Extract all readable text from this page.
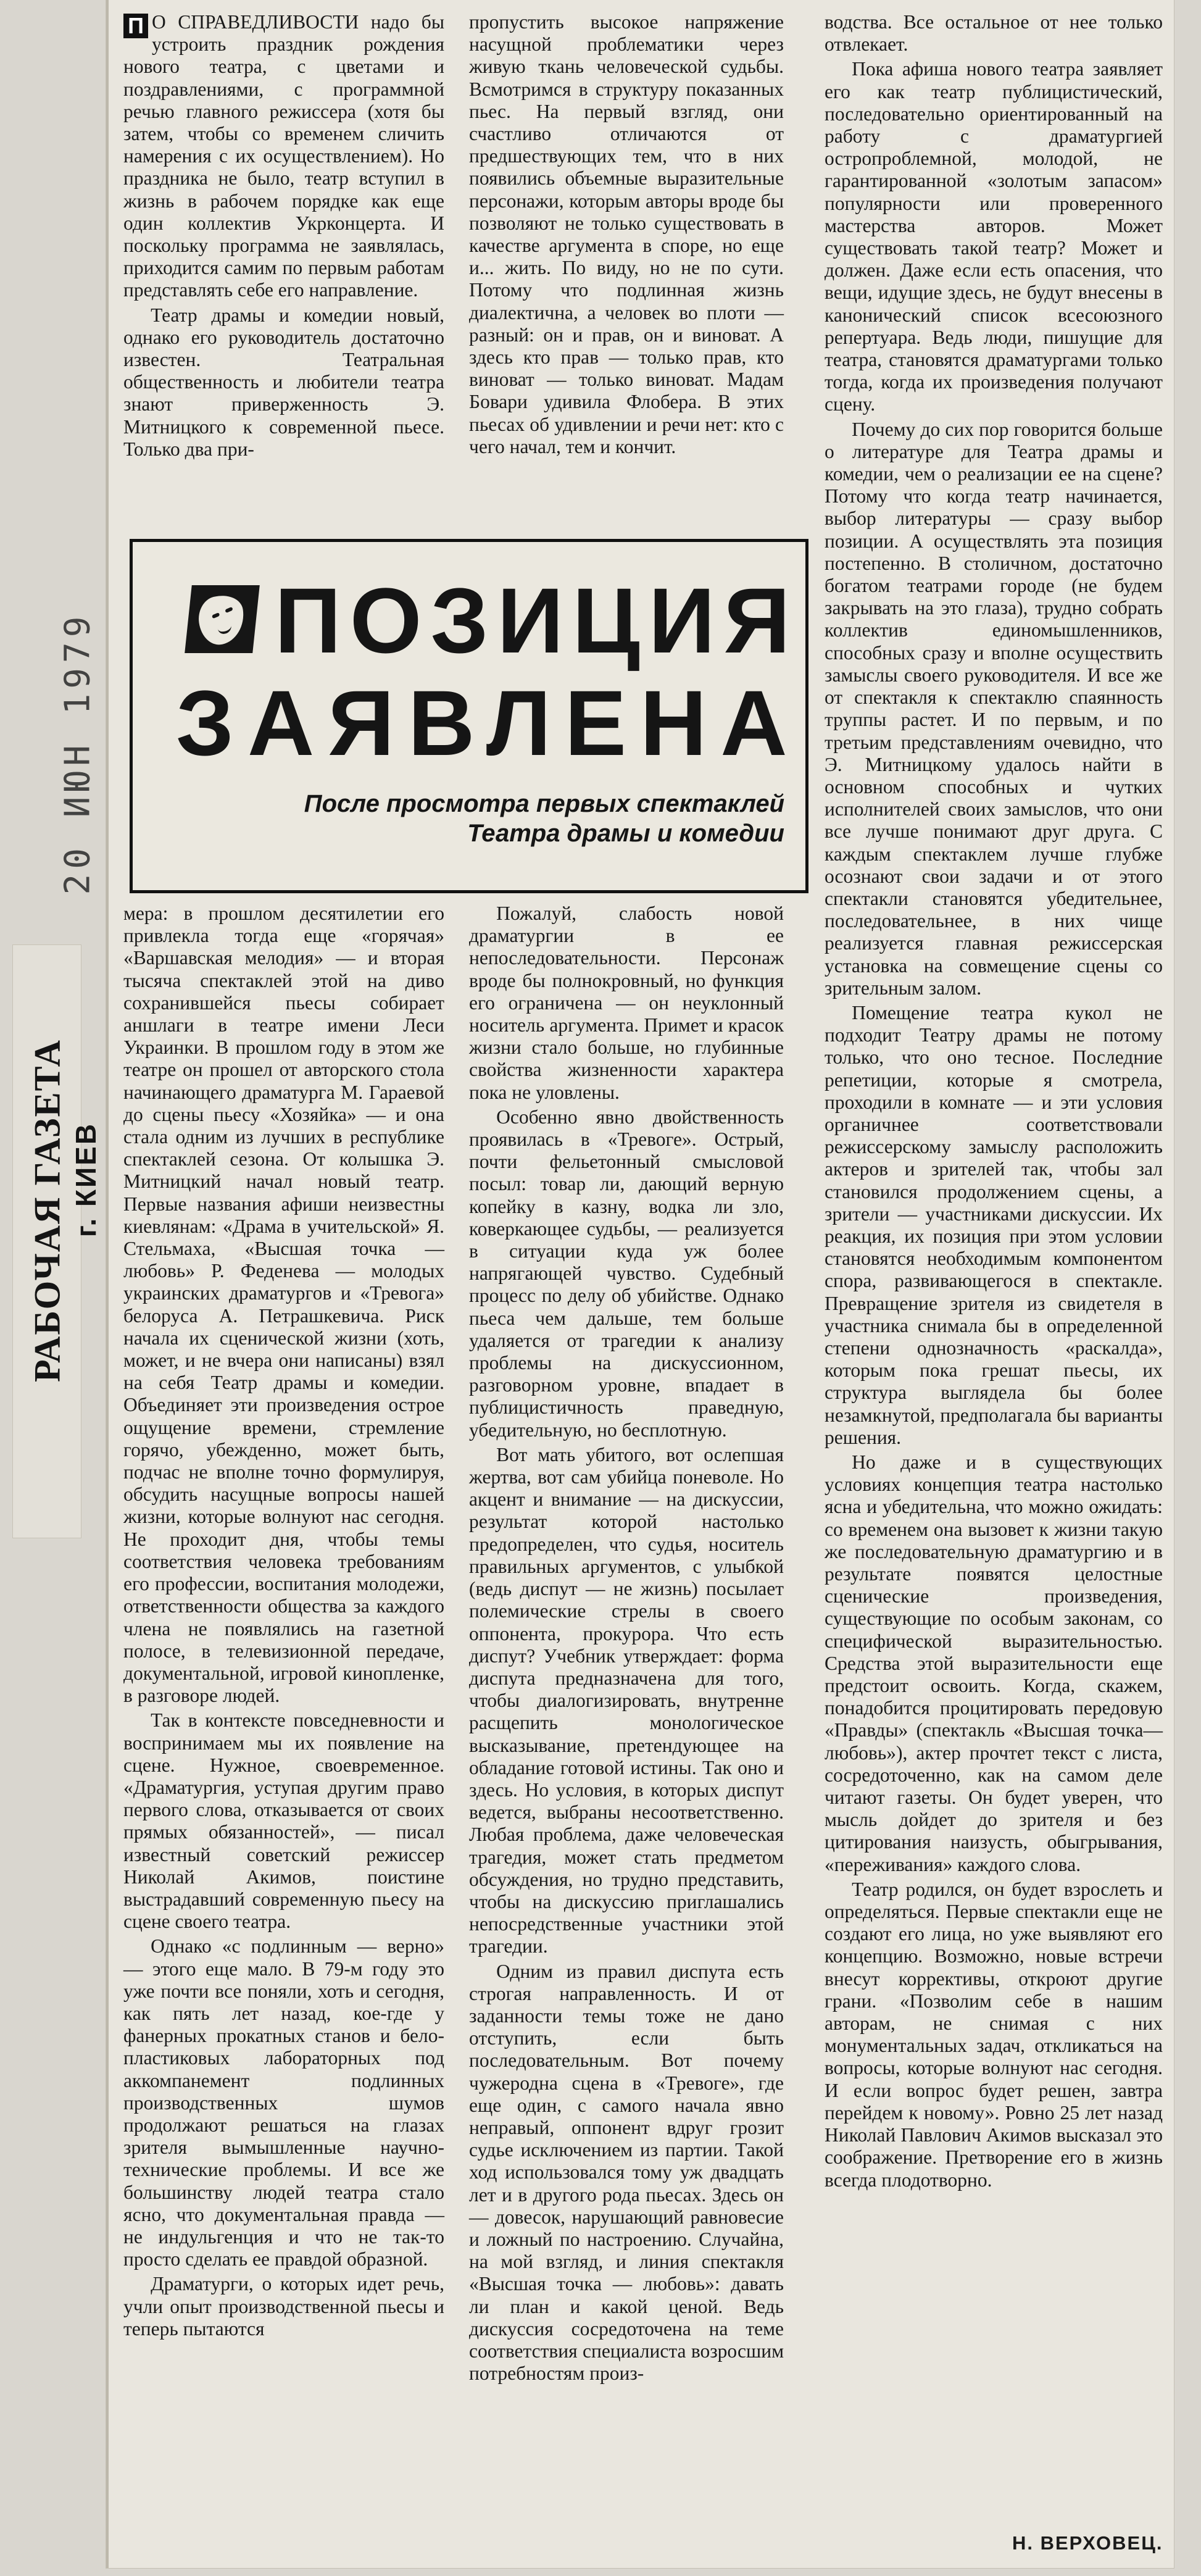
20 ИЮН 1979
РАБОЧАЯ ГАЗЕТА г. КИЕВ

П О СПРАВЕДЛИВОСТИ надо бы устроить праздник рождения нового театра, с цветами и поздравлениями, с программной речью главного режиссера (хотя бы затем, чтобы со временем сличить намерения с их осуществлением). Но праздника не было, театр вступил в жизнь в рабочем порядке как еще один коллектив Укрконцерта. И поскольку программа не заявлялась, приходится самим по первым работам представлять себе его направление.

Театр драмы и комедии новый, однако его руководитель достаточно известен. Театральная общественность и любители театра знают приверженность Э. Митницкого к современной пьесе. Только два при-

пропустить высокое напряжение насущной проблематики через живую ткань человеческой судьбы. Всмотримся в структуру показанных пьес. На первый взгляд, они счастливо отличаются от предшествующих тем, что в них появились объемные выразительные персонажи, которым авторы вроде бы позволяют не только существовать в качестве аргумента в споре, но еще и... жить. По виду, но не по сути. Потому что подлинная жизнь диалектична, а человек во плоти — разный: он и прав, он и виноват. А здесь кто прав — только прав, кто виноват — только виноват. Мадам Бовари удивила Флобера. В этих пьесах об удивлении и речи нет: кто с чего начал, тем и кончит.

водства. Все остальное от нее только отвлекает.

Пока афиша нового театра заявляет его как театр публицистический, последовательно ориентированный на работу с драматургией остропроблемной, молодой, не гарантированной «золотым запасом» популярности или проверенного мастерства авторов. Может существовать такой театр? Может и должен. Даже если есть опасения, что вещи, идущие здесь, не будут внесены в канонический список всесоюзного репертуара. Ведь люди, пишущие для театра, становятся драматургами только тогда, когда их произведения получают сцену.

Почему до сих пор говорится больше о литературе для Театра драмы и комедии, чем о реализации ее на сцене? Потому что когда театр начинается, выбор литературы — сразу выбор позиции. А осуществлять эта позиция постепенно. В столичном, достаточно богатом театрами городе (не будем закрывать на это глаза), трудно собрать коллектив единомышленников, способных сразу и вполне осуществить замыслы своего руководителя. И все же от спектакля к спектаклю спаянность труппы растет. И по первым, и по третьим представлениям очевидно, что Э. Митницкому удалось найти в основном способных и чутких исполнителей своих замыслов, что они все лучше понимают друг друга. С каждым спектаклем лучше глубже осознают свои задачи и от этого спектакли становятся убедительнее, последовательнее, в них чище реализуется главная режиссерская установка на совмещение сцены со зрительным залом.

Помещение театра кукол не подходит Театру драмы не потому только, что оно тесное. Последние репетиции, которые я смотрела, проходили в комнате — и эти условия органичнее соответствовали режиссерскому замыслу расположить актеров и зрителей так, чтобы зал становился продолжением сцены, а зрители — участниками дискуссии. Их реакция, их позиция при этом условии становятся необходимым компонентом спора, развивающегося в спектакле. Превращение зрителя из свидетеля в участника снимала бы в определенной степени однозначность «раскалда», которым пока грешат пьесы, их структура выглядела бы более незамкнутой, предполагала бы варианты решения.

Но даже и в существующих условиях концепция театра настолько ясна и убедительна, что можно ожидать: со временем она вызовет к жизни такую же последовательную драматургию и в результате появятся целостные сценические произведения, существующие по особым законам, со специфической выразительностью. Средства этой выразительности еще предстоит освоить. Когда, скажем, понадобится процитировать передовую «Правды» (спектакль «Высшая точка—любовь»), актер прочтет текст с листа, сосредоточенно, как на самом деле читают газеты. Он будет уверен, что мысль дойдет до зрителя и без цитирования наизусть, обыгрывания, «переживания» каждого слова.

Театр родился, он будет взрослеть и определяться. Первые спектакли еще не создают его лица, но уже выявляют его концепцию. Возможно, новые встречи внесут коррективы, откроют другие грани. «Позволим себе в нашим авторам, не снимая с них монументальных задач, откликаться на вопросы, которые волнуют нас сегодня. И если вопрос будет решен, завтра перейдем к новому». Ровно 25 лет назад Николай Павлович Акимов высказал это соображение. Претворение его в жизнь всегда плодотворно.

ПОЗИЦИЯ
ЗАЯВЛЕНА
После просмотра первых спектаклей
Театра драмы и комедии

мера: в прошлом десятилетии его привлекла тогда еще «горячая» «Варшавская мелодия» — и вторая тысяча спектаклей этой на диво сохранившейся пьесы собирает аншлаги в театре имени Леси Украинки. В прошлом году в этом же театре он прошел от авторского стола начинающего драматурга М. Гараевой до сцены пьесу «Хозяйка» — и она стала одним из лучших в республике спектаклей сезона. От колышка Э. Митницкий начал новый театр. Первые названия афиши неизвестны киевлянам: «Драма в учительской» Я. Стельмаха, «Высшая точка — любовь» Р. Феденева — молодых украинских драматургов и «Тревога» белоруса А. Петрашкевича. Риск начала их сценической жизни (хоть, может, и не вчера они написаны) взял на себя Театр драмы и комедии. Объединяет эти произведения острое ощущение времени, стремление горячо, убежденно, может быть, подчас не вполне точно формулируя, обсудить насущные вопросы нашей жизни, которые волнуют нас сегодня. Не проходит дня, чтобы темы соответствия человека требованиям его профессии, воспитания молодежи, ответственности общества за каждого члена не появлялись на газетной полосе, в телевизионной передаче, документальной, игровой кинопленке, в разговоре людей.

Так в контексте повседневности и воспринимаем мы их появление на сцене. Нужное, своевременное. «Драматургия, уступая другим право первого слова, отказывается от своих прямых обязанностей», — писал известный советский режиссер Николай Акимов, поистине выстрадавший современную пьесу на сцене своего театра.

Однако «с подлинным — верно» — этого еще мало. В 79-м году это уже почти все поняли, хоть и сегодня, как пять лет назад, кое-где у фанерных прокатных станов и бело-пластиковых лабораторных под аккомпанемент подлинных производственных шумов продолжают решаться на глазах зрителя вымышленные научно-технические проблемы. И все же большинству людей театра стало ясно, что документальная правда — не индульгенция и что не так-то просто сделать ее правдой образной.

Драматурги, о которых идет речь, учли опыт производственной пьесы и теперь пытаются

Пожалуй, слабость новой драматургии в ее непоследовательности. Персонаж вроде бы полнокровный, но функция его ограничена — он неуклонный носитель аргумента. Примет и красок жизни стало больше, но глубинные свойства жизненности характера пока не уловлены.

Особенно явно двойственность проявилась в «Тревоге». Острый, почти фельетонный смысловой посыл: товар ли, дающий верную копейку в казну, водка ли зло, коверкающее судьбы, — реализуется в ситуации куда уж более напрягающей чувство. Судебный процесс по делу об убийстве. Однако пьеса чем дальше, тем больше удаляется от трагедии к анализу проблемы на дискуссионном, разговорном уровне, впадает в публицистичность праведную, убедительную, но бесплотную.

Вот мать убитого, вот ослепшая жертва, вот сам убийца поневоле. Но акцент и внимание — на дискуссии, результат которой настолько предопределен, что судья, носитель правильных аргументов, с улыбкой (ведь диспут — не жизнь) посылает полемические стрелы в своего оппонента, прокурора. Что есть диспут? Учебник утверждает: форма диспута предназначена для того, чтобы диалогизировать, внутренне расщепить монологическое высказывание, претендующее на обладание готовой истины. Так оно и здесь. Но условия, в которых диспут ведется, выбраны несоответственно. Любая проблема, даже человеческая трагедия, может стать предметом обсуждения, но трудно представить, чтобы на дискуссию приглашались непосредственные участники этой трагедии.

Одним из правил диспута есть строгая направленность. И от заданности темы тоже не дано отступить, если быть последовательным. Вот почему чужеродна сцена в «Тревоге», где еще один, с самого начала явно неправый, оппонент вдруг грозит судье исключением из партии. Такой ход использовался тому уж двадцать лет и в другого рода пьесах. Здесь он — довесок, нарушающий равновесие и ложный по настроению. Случайна, на мой взгляд, и линия спектакля «Высшая точка — любовь»: давать ли план и какой ценой. Ведь дискуссия сосредоточена на теме соответствия специалиста возросшим потребностям произ-

Н. ВЕРХОВЕЦ.
